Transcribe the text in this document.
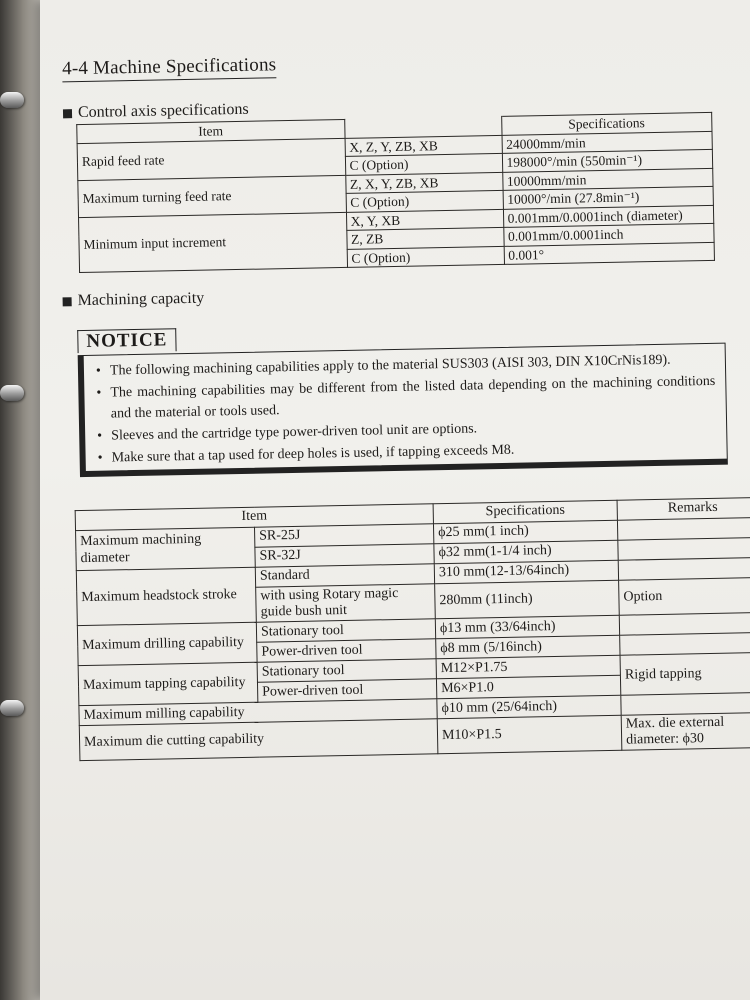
4-4 Machine Specifications
Control axis specifications
Item		Specifications
Rapid feed rate	X, Z, Y, ZB, XB	24000mm/min
	C (Option)	198000°/min (550min⁻¹)
Maximum turning feed rate	Z, X, Y, ZB, XB	10000mm/min
	C (Option)	10000°/min (27.8min⁻¹)
Minimum input increment	X, Y, XB	0.001mm/0.0001inch (diameter)
	Z, ZB	0.001mm/0.0001inch
	C (Option)	0.001°
Machining capacity
NOTICE
• The following machining capabilities apply to the material SUS303 (AISI 303, DIN X10CrNis189).
• The machining capabilities may be different from the listed data depending on the machining conditions and the material or tools used.
• Sleeves and the cartridge type power-driven tool unit are options.
• Make sure that a tap used for deep holes is used, if tapping exceeds M8.
Item		Specifications	Remarks
Maximum machining diameter	SR-25J	ϕ25 mm(1 inch)	
	SR-32J	ϕ32 mm(1-1/4 inch)	
Maximum headstock stroke	Standard	310 mm(12-13/64inch)	
	with using Rotary magic guide bush unit	280mm (11inch)	Option
Maximum drilling capability	Stationary tool	ϕ13 mm (33/64inch)	
	Power-driven tool	ϕ8 mm (5/16inch)	
Maximum tapping capability	Stationary tool	M12×P1.75	Rigid tapping
	Power-driven tool	M6×P1.0	
Maximum milling capability		ϕ10 mm (25/64inch)	
Maximum die cutting capability		M10×P1.5	Max. die external diameter: ϕ30
